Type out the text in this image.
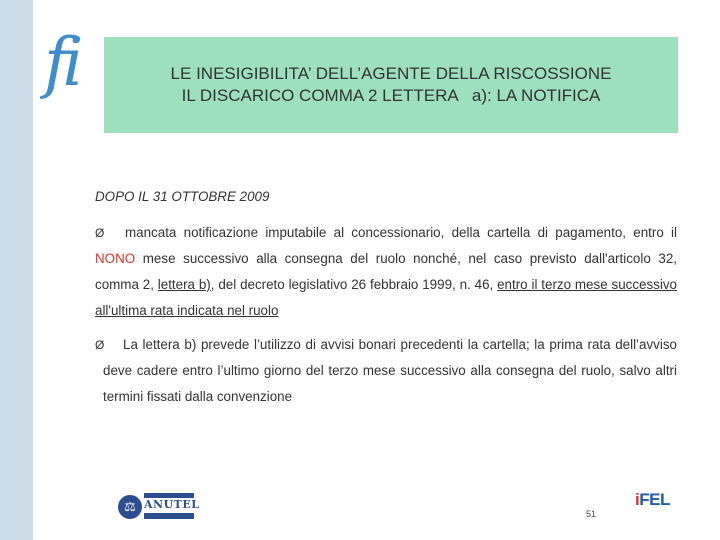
fi	LE INESIGIBILITA’ DELL’AGENTE DELLA RISCOSSIONE
IL DISCARICO COMMA 2 LETTERA   a): LA NOTIFICA

DOPO IL 31 OTTOBRE 2009

Ø mancata notificazione imputabile al concessionario, della cartella di pagamento, entro il NONO mese successivo alla consegna del ruolo nonché, nel caso previsto dall'articolo 32, comma 2, lettera b), del decreto legislativo 26 febbraio 1999, n. 46, entro il terzo mese successivo all'ultima rata indicata nel ruolo

Ø La lettera b) prevede l’utilizzo di avvisi bonari precedenti la cartella; la prima rata dell’avviso deve cadere entro l’ultimo giorno del terzo mese successivo alla consegna del ruolo, salvo altri termini fissati dalla convenzione

⚖ ANUTEL
51
iFEL
